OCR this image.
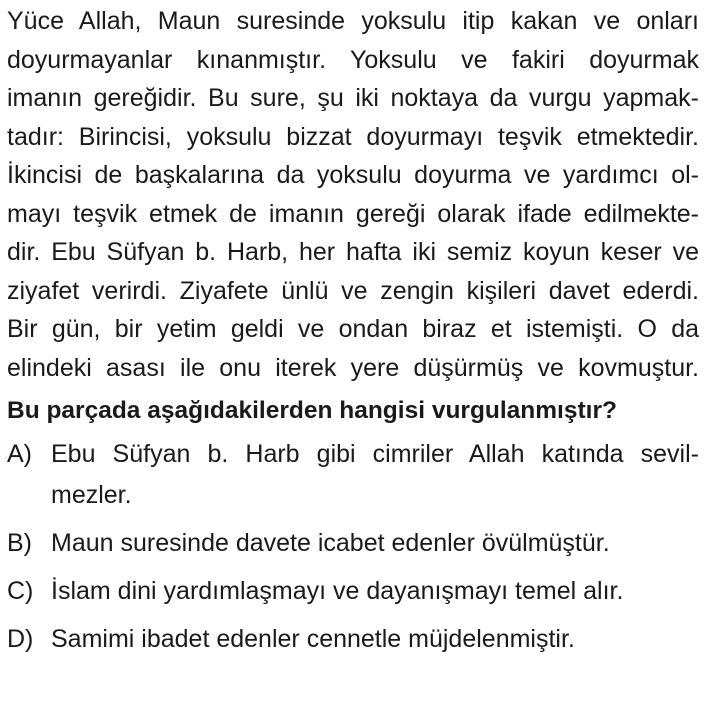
Yüce Allah, Maun suresinde yoksulu itip kakan ve onları
doyurmayanlar kınanmıştır. Yoksulu ve fakiri doyurmak
imanın gereğidir. Bu sure, şu iki noktaya da vurgu yapmak-
tadır: Birincisi, yoksulu bizzat doyurmayı teşvik etmektedir.
İkincisi de başkalarına da yoksulu doyurma ve yardımcı ol-
mayı teşvik etmek de imanın gereği olarak ifade edilmekte-
dir. Ebu Süfyan b. Harb, her hafta iki semiz koyun keser ve
ziyafet verirdi. Ziyafete ünlü ve zengin kişileri davet ederdi.
Bir gün, bir yetim geldi ve ondan biraz et istemişti. O da
elindeki asası ile onu iterek yere düşürmüş ve kovmuştur.
Bu parçada aşağıdakilerden hangisi vurgulanmıştır?
A) Ebu Süfyan b. Harb gibi cimriler Allah katında sevil-
mezler.
B) Maun suresinde davete icabet edenler övülmüştür.
C) İslam dini yardımlaşmayı ve dayanışmayı temel alır.
D) Samimi ibadet edenler cennetle müjdelenmiştir.
